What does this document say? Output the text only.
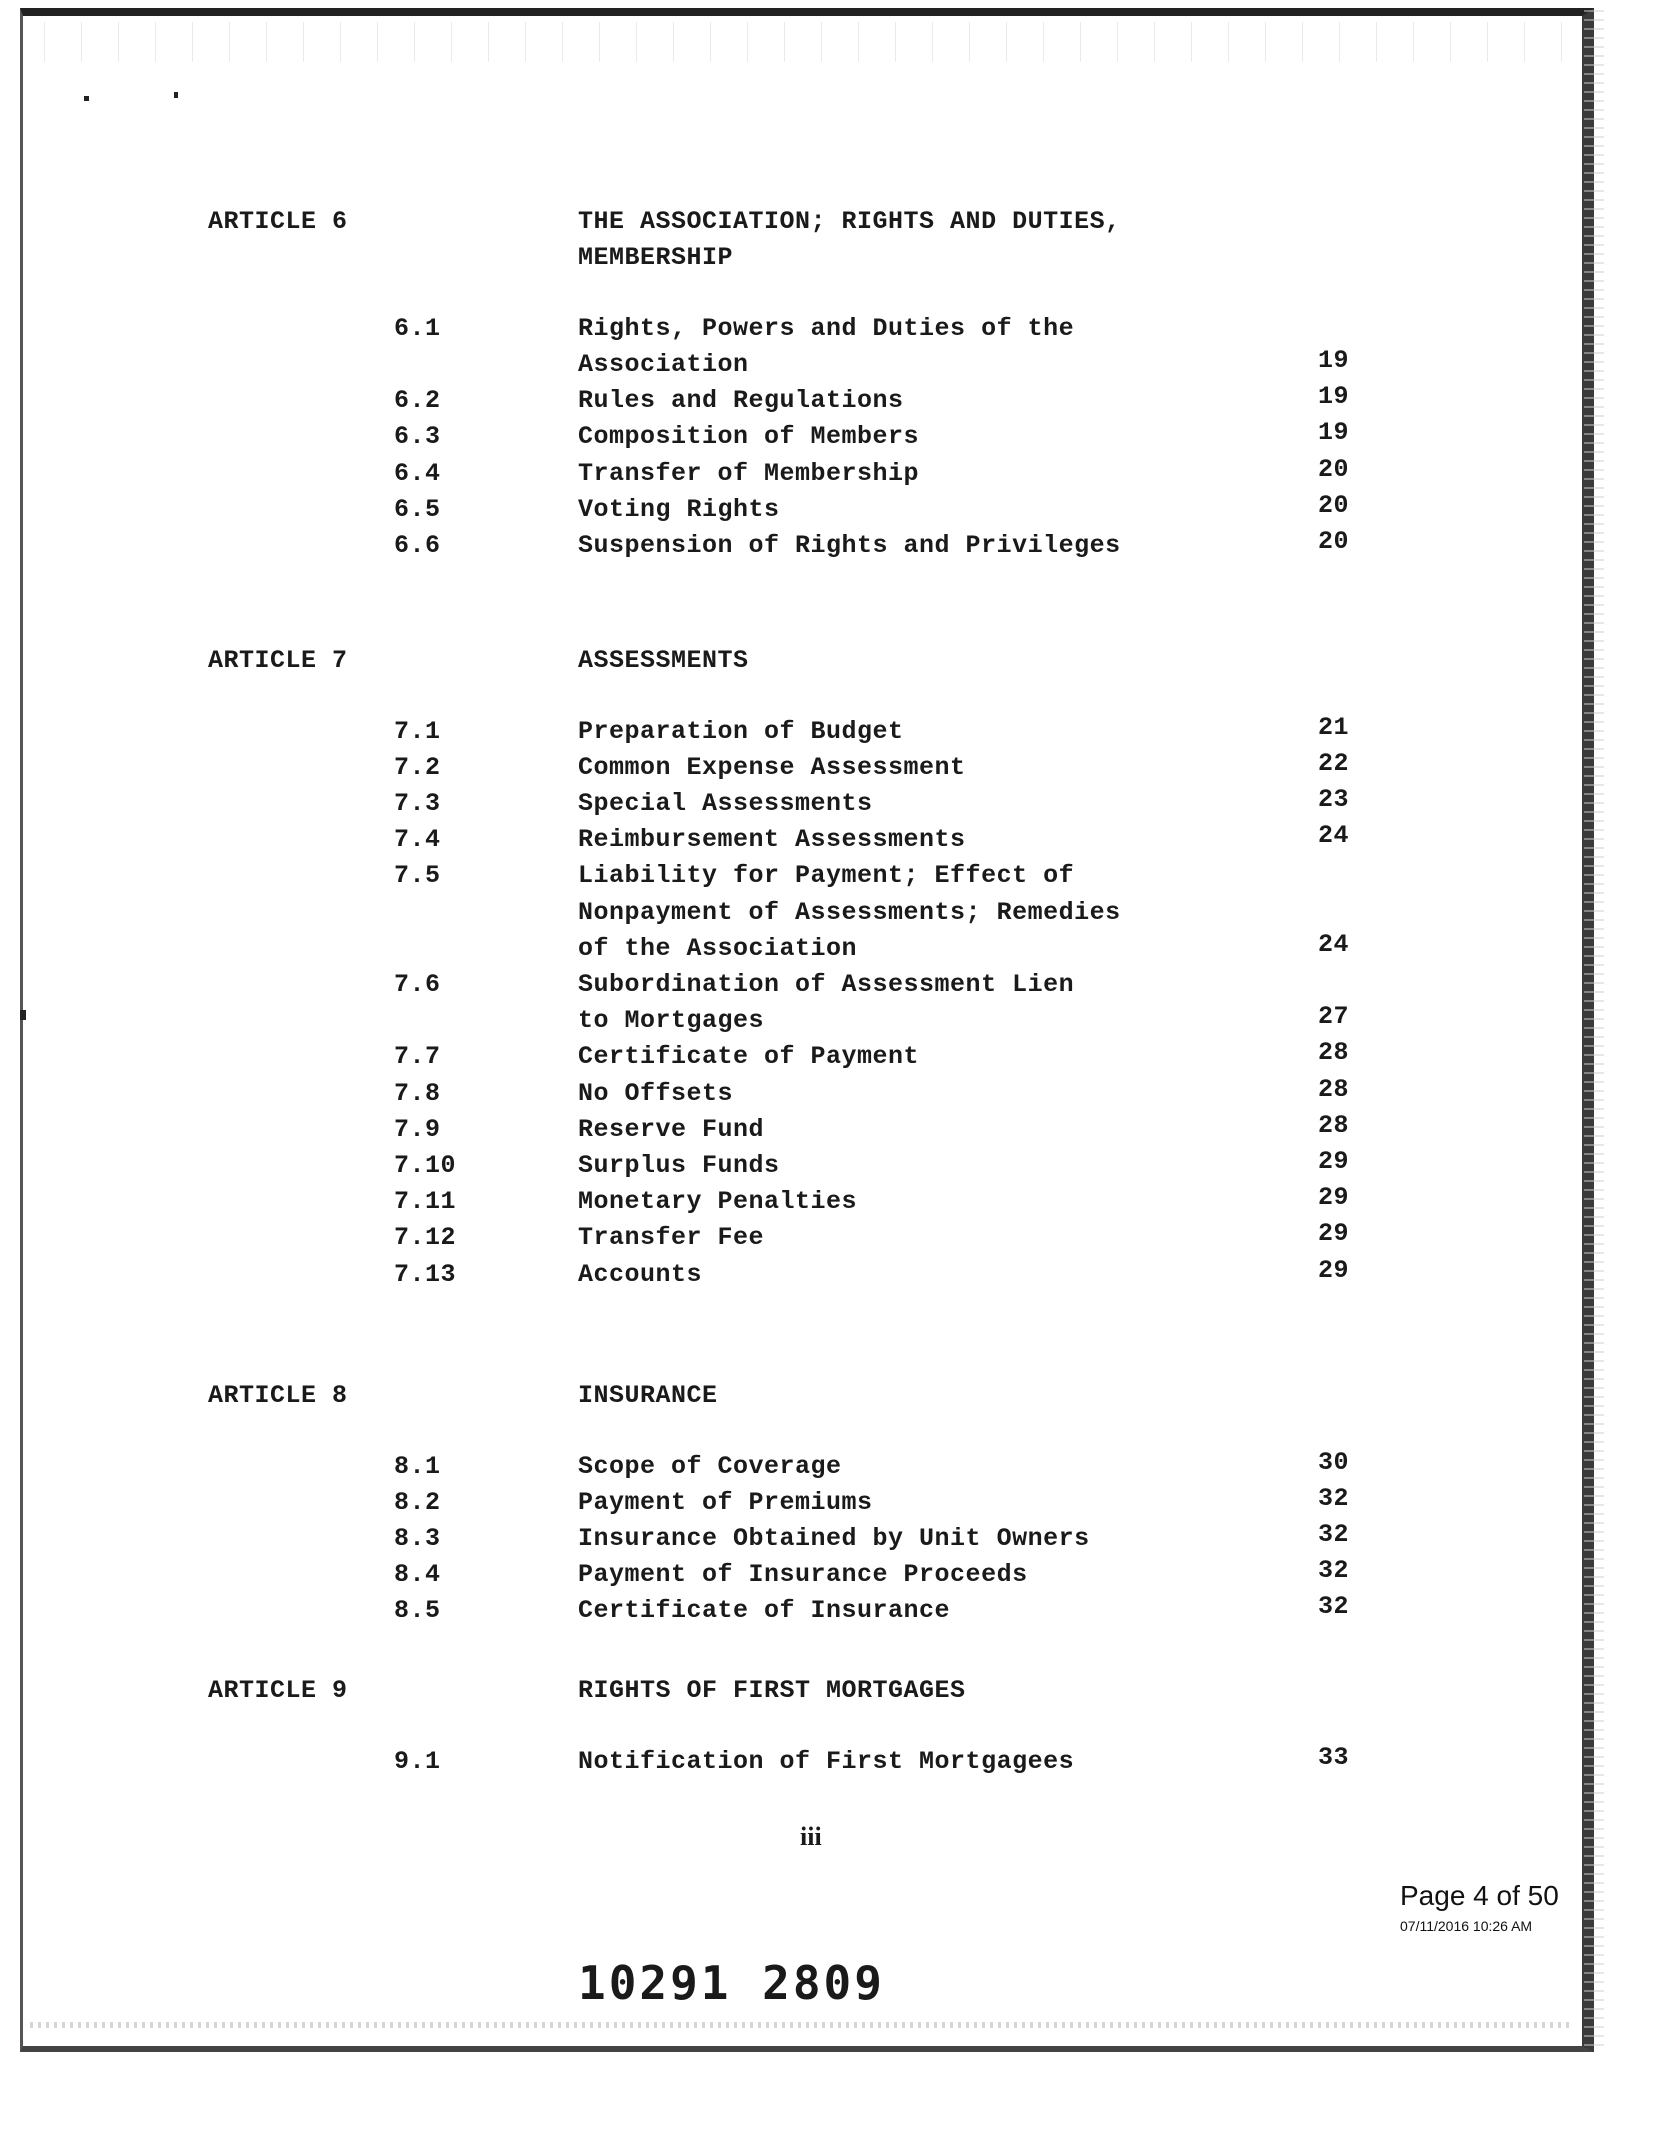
ARTICLE 6	THE ASSOCIATION; RIGHTS AND DUTIES,
MEMBERSHIP
6.1	Rights, Powers and Duties of the
Association	19
6.2	Rules and Regulations	19
6.3	Composition of Members	19
6.4	Transfer of Membership	20
6.5	Voting Rights	20
6.6	Suspension of Rights and Privileges	20
ARTICLE 7	ASSESSMENTS
7.1	Preparation of Budget	21
7.2	Common Expense Assessment	22
7.3	Special Assessments	23
7.4	Reimbursement Assessments	24
7.5	Liability for Payment; Effect of
Nonpayment of Assessments; Remedies
of the Association	24
7.6	Subordination of Assessment Lien
to Mortgages	27
7.7	Certificate of Payment	28
7.8	No Offsets	28
7.9	Reserve Fund	28
7.10	Surplus Funds	29
7.11	Monetary Penalties	29
7.12	Transfer Fee	29
7.13	Accounts	29
ARTICLE 8	INSURANCE
8.1	Scope of Coverage	30
8.2	Payment of Premiums	32
8.3	Insurance Obtained by Unit Owners	32
8.4	Payment of Insurance Proceeds	32
8.5	Certificate of Insurance	32
ARTICLE 9	RIGHTS OF FIRST MORTGAGES
9.1	Notification of First Mortgagees	33
iii
Page 4 of 50
07/11/2016 10:26 AM
10291 2809
